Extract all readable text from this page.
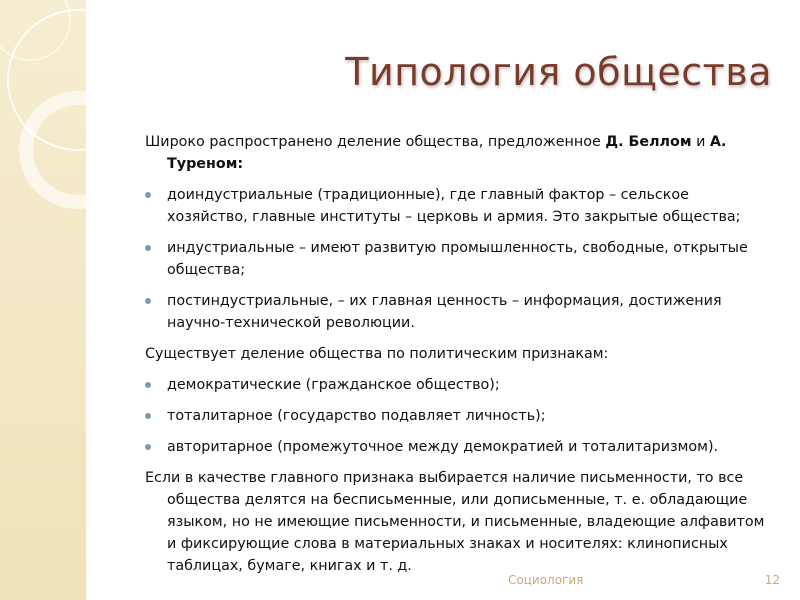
Типология общества

Широко распространено деление общества, предложенное Д. Беллом и А. Туреном:

доиндустриальные (традиционные), где главный фактор – сельское хозяйство, главные институты – церковь и армия. Это закрытые общества;
индустриальные – имеют развитую промышленность, свободные, открытые общества;
постиндустриальные, – их главная ценность – информация, достижения научно-технической революции.

Существует деление общества по политическим признакам:

демократические (гражданское общество);
тоталитарное (государство подавляет личность);
авторитарное (промежуточное между демократией и тоталитаризмом).

Если в качестве главного признака выбирается наличие письменности, то все общества делятся на бесписьменные, или дописьменные, т. е. обладающие языком, но не имеющие письменности, и письменные, владеющие алфавитом и фиксирующие слова в материальных знаках и носителях: клинописных таблицах, бумаге, книгах и т. д.

Социология	12
